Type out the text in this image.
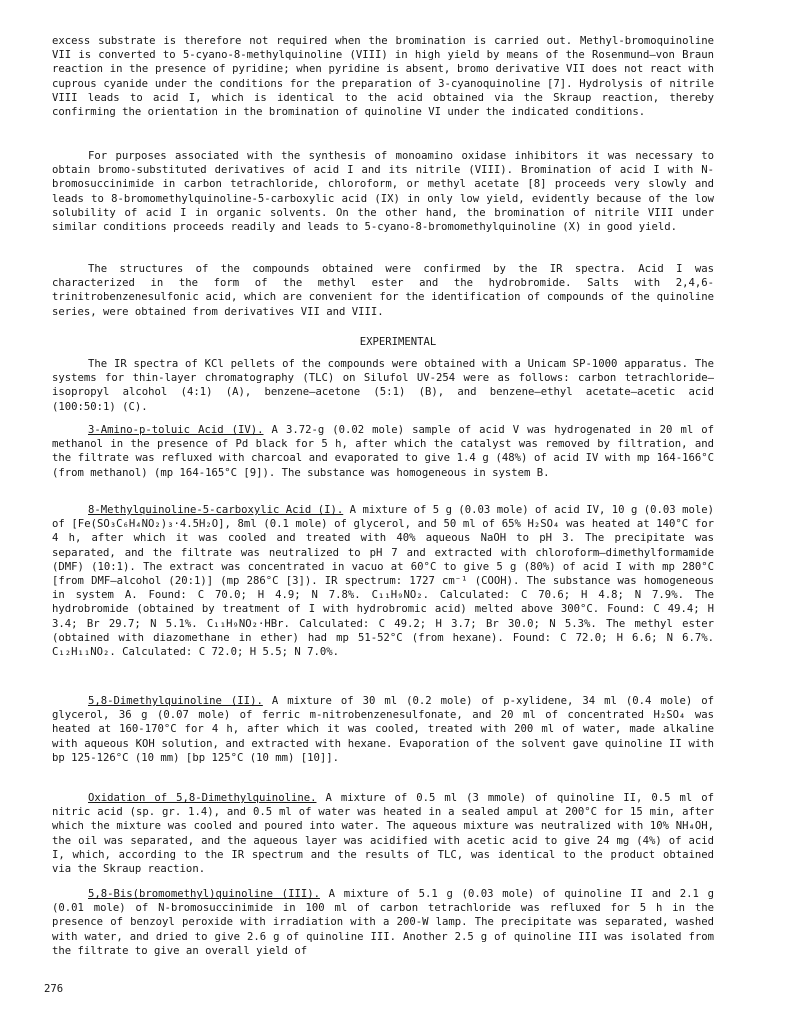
excess substrate is therefore not required when the bromination is carried out. Methyl-bromoquinoline VII is converted to 5-cyano-8-methylquinoline (VIII) in high yield by means of the Rosenmund–von Braun reaction in the presence of pyridine; when pyridine is absent, bromo derivative VII does not react with cuprous cyanide under the conditions for the preparation of 3-cyanoquinoline [7]. Hydrolysis of nitrile VIII leads to acid I, which is identical to the acid obtained via the Skraup reaction, thereby confirming the orientation in the bromination of quinoline VI under the indicated conditions.

For purposes associated with the synthesis of monoamino oxidase inhibitors it was necessary to obtain bromo-substituted derivatives of acid I and its nitrile (VIII). Bromination of acid I with N-bromosuccinimide in carbon tetrachloride, chloroform, or methyl acetate [8] proceeds very slowly and leads to 8-bromomethylquinoline-5-carboxylic acid (IX) in only low yield, evidently because of the low solubility of acid I in organic solvents. On the other hand, the bromination of nitrile VIII under similar conditions proceeds readily and leads to 5-cyano-8-bromomethylquinoline (X) in good yield.

The structures of the compounds obtained were confirmed by the IR spectra. Acid I was characterized in the form of the methyl ester and the hydrobromide. Salts with 2,4,6-trinitrobenzenesulfonic acid, which are convenient for the identification of compounds of the quinoline series, were obtained from derivatives VII and VIII.

EXPERIMENTAL

The IR spectra of KCl pellets of the compounds were obtained with a Unicam SP-1000 apparatus. The systems for thin-layer chromatography (TLC) on Silufol UV-254 were as follows: carbon tetrachloride–isopropyl alcohol (4:1) (A), benzene–acetone (5:1) (B), and benzene–ethyl acetate–acetic acid (100:50:1) (C).

3-Amino-p-toluic Acid (IV). A 3.72-g (0.02 mole) sample of acid V was hydrogenated in 20 ml of methanol in the presence of Pd black for 5 h, after which the catalyst was removed by filtration, and the filtrate was refluxed with charcoal and evaporated to give 1.4 g (48%) of acid IV with mp 164-166°C (from methanol) (mp 164-165°C [9]). The substance was homogeneous in system B.

8-Methylquinoline-5-carboxylic Acid (I). A mixture of 5 g (0.03 mole) of acid IV, 10 g (0.03 mole) of [Fe(SO₃C₆H₄NO₂)₃·4.5H₂O], 8ml (0.1 mole) of glycerol, and 50 ml of 65% H₂SO₄ was heated at 140°C for 4 h, after which it was cooled and treated with 40% aqueous NaOH to pH 3. The precipitate was separated, and the filtrate was neutralized to pH 7 and extracted with chloroform–dimethylformamide (DMF) (10:1). The extract was concentrated in vacuo at 60°C to give 5 g (80%) of acid I with mp 280°C [from DMF–alcohol (20:1)] (mp 286°C [3]). IR spectrum: 1727 cm⁻¹ (COOH). The substance was homogeneous in system A. Found: C 70.0; H 4.9; N 7.8%. C₁₁H₉NO₂. Calculated: C 70.6; H 4.8; N 7.9%. The hydrobromide (obtained by treatment of I with hydrobromic acid) melted above 300°C. Found: C 49.4; H 3.4; Br 29.7; N 5.1%. C₁₁H₉NO₂·HBr. Calculated: C 49.2; H 3.7; Br 30.0; N 5.3%. The methyl ester (obtained with diazomethane in ether) had mp 51-52°C (from hexane). Found: C 72.0; H 6.6; N 6.7%. C₁₂H₁₁NO₂. Calculated: C 72.0; H 5.5; N 7.0%.

5,8-Dimethylquinoline (II). A mixture of 30 ml (0.2 mole) of p-xylidene, 34 ml (0.4 mole) of glycerol, 36 g (0.07 mole) of ferric m-nitrobenzenesulfonate, and 20 ml of concentrated H₂SO₄ was heated at 160-170°C for 4 h, after which it was cooled, treated with 200 ml of water, made alkaline with aqueous KOH solution, and extracted with hexane. Evaporation of the solvent gave quinoline II with bp 125-126°C (10 mm) [bp 125°C (10 mm) [10]].

Oxidation of 5,8-Dimethylquinoline. A mixture of 0.5 ml (3 mmole) of quinoline II, 0.5 ml of nitric acid (sp. gr. 1.4), and 0.5 ml of water was heated in a sealed ampul at 200°C for 15 min, after which the mixture was cooled and poured into water. The aqueous mixture was neutralized with 10% NH₄OH, the oil was separated, and the aqueous layer was acidified with acetic acid to give 24 mg (4%) of acid I, which, according to the IR spectrum and the results of TLC, was identical to the product obtained via the Skraup reaction.

5,8-Bis(bromomethyl)quinoline (III). A mixture of 5.1 g (0.03 mole) of quinoline II and 2.1 g (0.01 mole) of N-bromosuccinimide in 100 ml of carbon tetrachloride was refluxed for 5 h in the presence of benzoyl peroxide with irradiation with a 200-W lamp. The precipitate was separated, washed with water, and dried to give 2.6 g of quinoline III. Another 2.5 g of quinoline III was isolated from the filtrate to give an overall yield of

276
